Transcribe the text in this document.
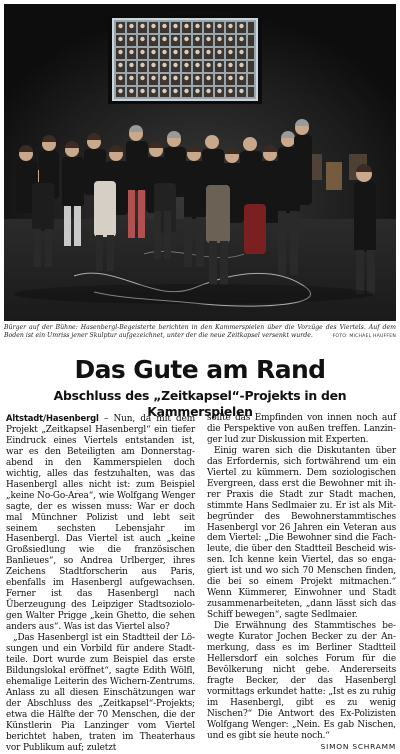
Bürger auf der Bühne: Hasenbergl-Begeisterte berichten in den Kammerspielen über die Vorzüge des Viertels. Auf dem Boden ist ein Umriss jener Skulptur aufgezeichnet, unter der die neue Zeitkapsel versenkt wurde.	FOTO: MICHAEL HAUFFEN
Das Gute am Rand
Abschluss des „Zeitkapsel“-Projekts in den Kammerspielen

Altstadt/Hasenbergl – Nun, da mit dem Projekt „Zeitkapsel Hasenbergl“ ein tiefer Eindruck eines Viertels entstanden ist, war es den Beteiligten am Donnerstagabend in den Kammerspielen doch wichtig, alles das festzuhalten, was das Hasenbergl alles nicht ist: zum Beispiel „keine No-Go-Area“, wie Wolfgang Wenger sagte, der es wissen muss: War er doch mal Münchner Polizist und lebt seit seinem sechsten Lebensjahr im Hasenbergl. Das Viertel ist auch „keine Großsiedlung wie die französischen Banlieues“, so Andrea Urlberger, ihres Zeichens Stadtforscherin aus Paris, ebenfalls im Hasenbergl aufgewachsen. Ferner ist das Hasenbergl nach Überzeugung des Leipziger Stadtsoziologen Walter Prigge „kein Ghetto, die sehen anders aus“. Was ist das Viertel also?

„Das Hasenbergl ist ein Stadtteil der Lösungen und ein Vorbild für andere Stadtteile. Dort wurde zum Beispiel das erste Bildungslokal eröffnet“, sagte Edith Wölfl, ehemalige Leiterin des Wichern-Zentrums. Anlass zu all diesen Einschätzungen war der Abschluss des „Zeitkapsel“-Projekts; etwa die Hälfte der 70 Menschen, die der Künstlerin Pia Lanzinger vom Viertel berichtet haben, traten im Theaterhaus vor Publikum auf; zuletzt

sollte das Empfinden von innen noch auf die Perspektive von außen treffen. Lanzinger lud zur Diskussion mit Experten.

Einig waren sich die Diskutanten über das Erfordernis, sich fortwährend um ein Viertel zu kümmern. Dem soziologischen Evergreen, dass erst die Bewohner mit ihrer Praxis die Stadt zur Stadt machen, stimmte Hans Sedlmaier zu. Er ist als Mitbegründer des Bewohnerstammtisches Hasenbergl vor 26 Jahren ein Veteran aus dem Viertel: „Die Bewohner sind die Fachleute, die über den Stadtteil Bescheid wissen. Ich kenne kein Viertel, das so engagiert ist und wo sich 70 Menschen finden, die bei so einem Projekt mitmachen.“ Wenn Kümmerer, Einwohner und Stadt zusammenarbeiteten, „dann lässt sich das Schiff bewegen“, sagte Sedlmaier.

Die Erwähnung des Stammtisches bewegte Kurator Jochen Becker zu der Anmerkung, dass es im Berliner Stadtteil Hellersdorf ein solches Forum für die Bevölkerung nicht gebe. Andererseits fragte Becker, der das Hasenbergl vormittags erkundet hatte: „Ist es zu ruhig im Hasenbergl, gibt es zu wenig Nischen?“ Die Antwort des Ex-Polizisten Wolfgang Wenger: „Nein. Es gab Nischen, und es gibt sie heute noch.“

SIMON SCHRAMM
